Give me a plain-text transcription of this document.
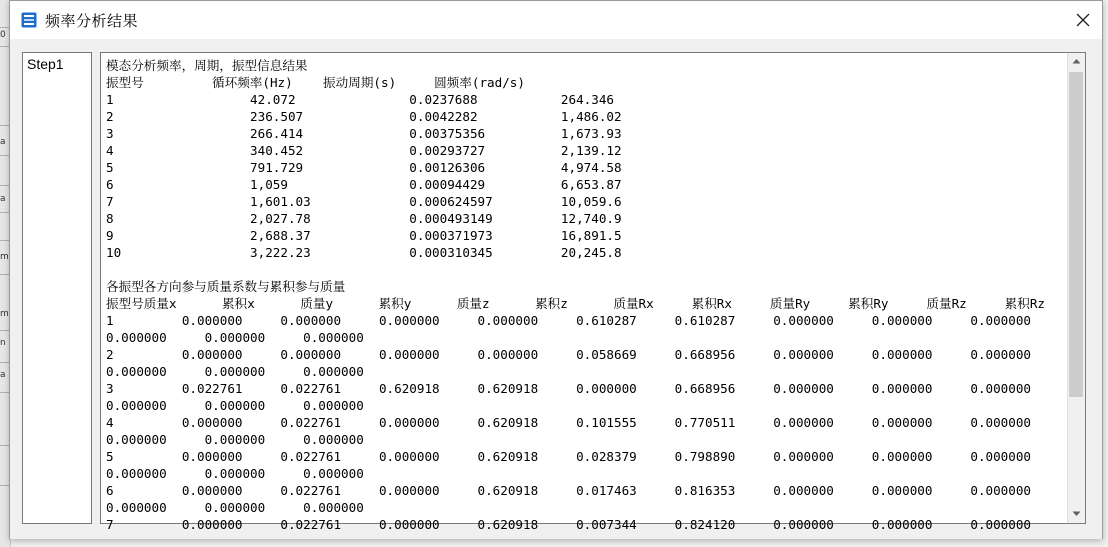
0
a
a
m
m
n
a
频率分析结果
Step1	模态分析频率，周期，振型信息结果
振型号         循环频率(Hz)    振动周期(s)     圆频率(rad/s)
1                  42.072               0.0237688           264.346
2                  236.507              0.0042282           1,486.02
3                  266.414              0.00375356          1,673.93
4                  340.452              0.00293727          2,139.12
5                  791.729              0.00126306          4,974.58
6                  1,059                0.00094429          6,653.87
7                  1,601.03             0.000624597         10,059.6
8                  2,027.78             0.000493149         12,740.9
9                  2,688.37             0.000371973         16,891.5
10                 3,222.23             0.000310345         20,245.8

各振型各方向参与质量系数与累积参与质量
振型号质量x      累积x      质量y      累积y      质量z      累积z      质量Rx     累积Rx     质量Ry     累积Ry     质量Rz     累积Rz
1         0.000000     0.000000     0.000000     0.000000     0.610287     0.610287     0.000000     0.000000     0.000000
0.000000     0.000000     0.000000
2         0.000000     0.000000     0.000000     0.000000     0.058669     0.668956     0.000000     0.000000     0.000000
0.000000     0.000000     0.000000
3         0.022761     0.022761     0.620918     0.620918     0.000000     0.668956     0.000000     0.000000     0.000000
0.000000     0.000000     0.000000
4         0.000000     0.022761     0.000000     0.620918     0.101555     0.770511     0.000000     0.000000     0.000000
0.000000     0.000000     0.000000
5         0.000000     0.022761     0.000000     0.620918     0.028379     0.798890     0.000000     0.000000     0.000000
0.000000     0.000000     0.000000
6         0.000000     0.022761     0.000000     0.620918     0.017463     0.816353     0.000000     0.000000     0.000000
0.000000     0.000000     0.000000
7         0.000000     0.022761     0.000000     0.620918     0.007344     0.824120     0.000000     0.000000     0.000000
